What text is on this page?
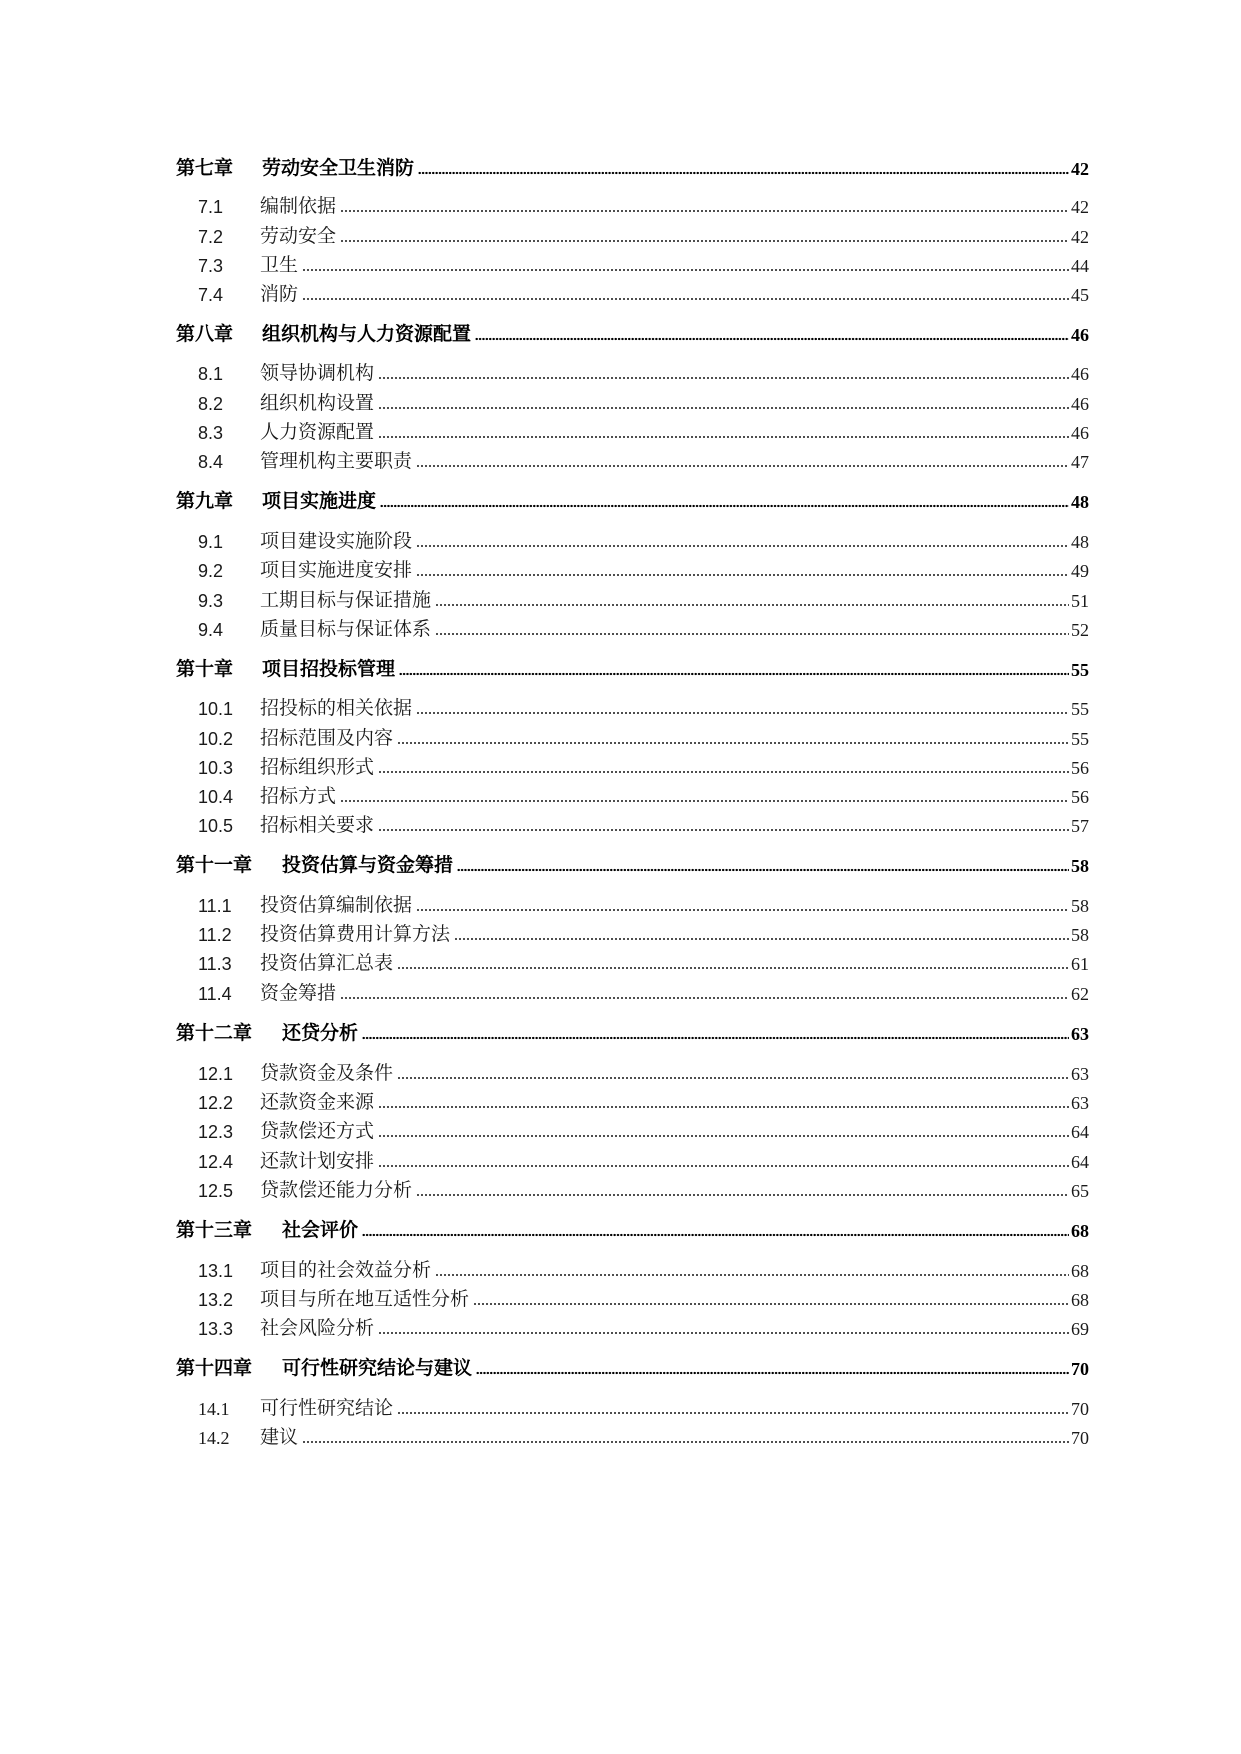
第七章	劳动安全卫生消防	42
7.1	编制依据	42
7.2	劳动安全	42
7.3	卫生	44
7.4	消防	45
第八章	组织机构与人力资源配置	46
8.1	领导协调机构	46
8.2	组织机构设置	46
8.3	人力资源配置	46
8.4	管理机构主要职责	47
第九章	项目实施进度	48
9.1	项目建设实施阶段	48
9.2	项目实施进度安排	49
9.3	工期目标与保证措施	51
9.4	质量目标与保证体系	52
第十章	项目招投标管理	55
10.1	招投标的相关依据	55
10.2	招标范围及内容	55
10.3	招标组织形式	56
10.4	招标方式	56
10.5	招标相关要求	57
第十一章	投资估算与资金筹措	58
11.1	投资估算编制依据	58
11.2	投资估算费用计算方法	58
11.3	投资估算汇总表	61
11.4	资金筹措	62
第十二章	还贷分析	63
12.1	贷款资金及条件	63
12.2	还款资金来源	63
12.3	贷款偿还方式	64
12.4	还款计划安排	64
12.5	贷款偿还能力分析	65
第十三章	社会评价	68
13.1	项目的社会效益分析	68
13.2	项目与所在地互适性分析	68
13.3	社会风险分析	69
第十四章	可行性研究结论与建议	70
14.1	可行性研究结论	70
14.2	建议	70
